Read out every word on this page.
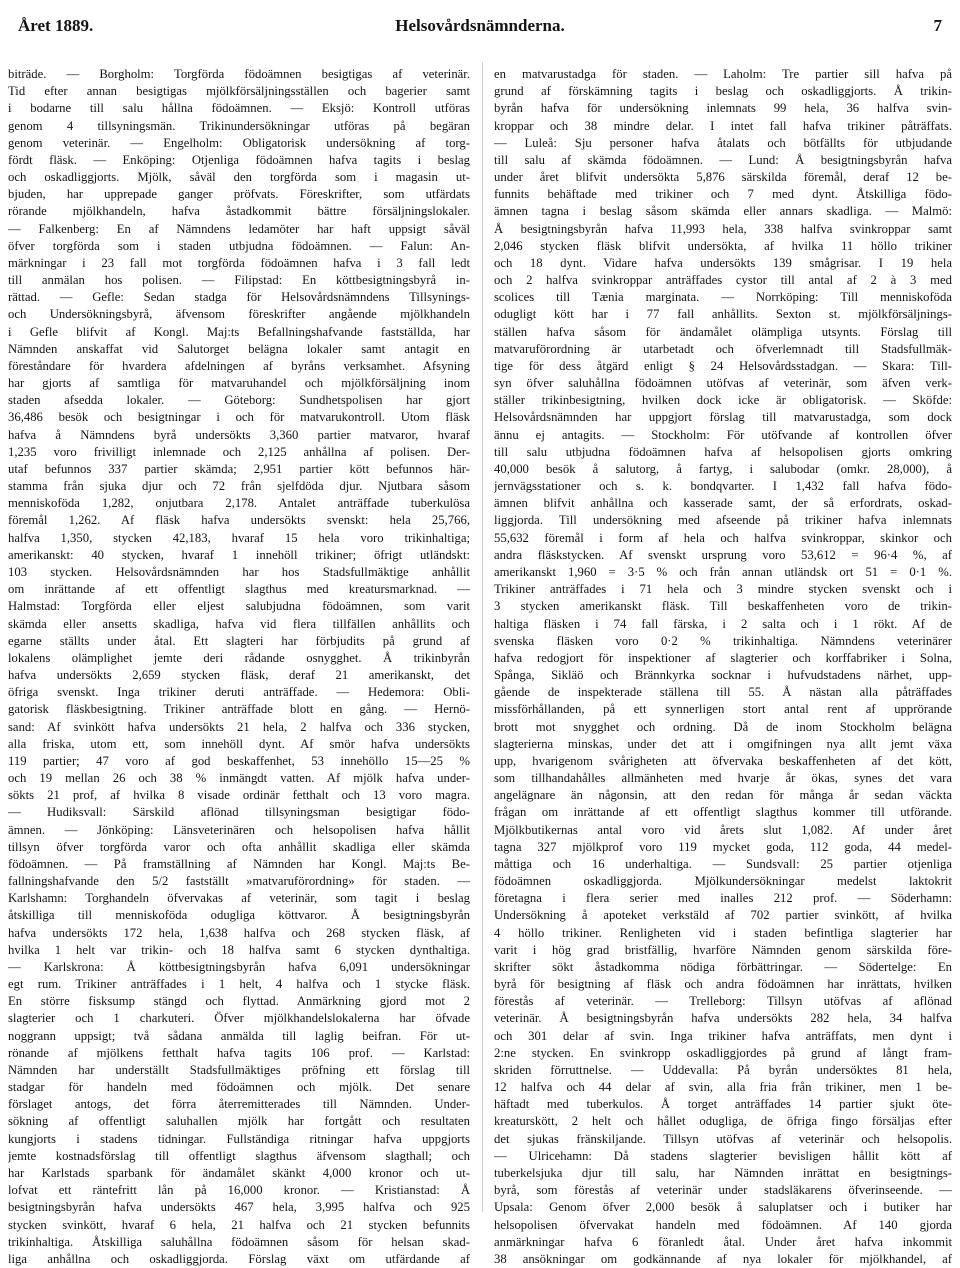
Året 1889.	Helsovårdsnämnderna.	7
biträde. — Borgholm: Torgförda födoämnen besigtigas af veterinär.
Tid efter annan besigtigas mjölkförsäljningsställen och bagerier samt
i bodarne till salu hållna födoämnen. — Eksjö: Kontroll utföras
genom 4 tillsyningsmän. Trikinundersökningar utföras på begäran
genom veterinär. — Engelholm: Obligatorisk undersökning af torg-
fördt fläsk. — Enköping: Otjenliga födoämnen hafva tagits i beslag
och oskadliggjorts. Mjölk, såväl den torgförda som i magasin ut-
bjuden, har upprepade ganger pröfvats. Föreskrifter, som utfärdats
rörande mjölkhandeln, hafva åstadkommit bättre försäljningslokaler.
— Falkenberg: En af Nämndens ledamöter har haft uppsigt såväl
öfver torgförda som i staden utbjudna födoämnen. — Falun: An-
märkningar i 23 fall mot torgförda födoämnen hafva i 3 fall ledt
till anmälan hos polisen. — Filipstad: En köttbesigtningsbyrå in-
rättad. — Gefle: Sedan stadga för Helsovårdsnämndens Tillsynings-
och Undersökningsbyrå, äfvensom föreskrifter angående mjölkhandeln
i Gefle blifvit af Kongl. Maj:ts Befallningshafvande fastställda, har
Nämnden anskaffat vid Salutorget belägna lokaler samt antagit en
föreståndare för hvardera afdelningen af byråns verksamhet. Afsyning
har gjorts af samtliga för matvaruhandel och mjölkförsäljning inom
staden afsedda lokaler. — Göteborg: Sundhetspolisen har gjort
36,486 besök och besigtningar i och för matvarukontroll. Utom fläsk
hafva å Nämndens byrå undersökts 3,360 partier matvaror, hvaraf
1,235 voro frivilligt inlemnade och 2,125 anhållna af polisen. Der-
utaf befunnos 337 partier skämda; 2,951 partier kött befunnos här-
stamma från sjuka djur och 72 från sjelfdöda djur. Njutbara såsom
menniskoföda 1,282, onjutbara 2,178. Antalet anträffade tuberkulösa
föremål 1,262. Af fläsk hafva undersökts svenskt: hela 25,766,
halfva 1,350, stycken 42,183, hvaraf 15 hela voro trikinhaltiga;
amerikanskt: 40 stycken, hvaraf 1 innehöll trikiner; öfrigt utländskt:
103 stycken. Helsovårdsnämnden har hos Stadsfullmäktige anhållit
om inrättande af ett offentligt slagthus med kreatursmarknad. —
Halmstad: Torgförda eller eljest salubjudna födoämnen, som varit
skämda eller ansetts skadliga, hafva vid flera tillfällen anhållits och
egarne ställts under åtal. Ett slagteri har förbjudits på grund af
lokalens olämplighet jemte deri rådande osnygghet. Å trikinbyrån
hafva undersökts 2,659 stycken fläsk, deraf 21 amerikanskt, det
öfriga svenskt. Inga trikiner deruti anträffade. — Hedemora: Obli-
gatorisk fläskbesigtning. Trikiner anträffade blott en gång. — Hernö-
sand: Af svinkött hafva undersökts 21 hela, 2 halfva och 336 stycken,
alla friska, utom ett, som innehöll dynt. Af smör hafva undersökts
119 partier; 47 voro af god beskaffenhet, 53 innehöllo 15—25 %
och 19 mellan 26 och 38 % inmängdt vatten. Af mjölk hafva under-
sökts 21 prof, af hvilka 8 visade ordinär fetthalt och 13 voro magra.
— Hudiksvall: Särskild aflönad tillsyningsman besigtigar födo-
ämnen. — Jönköping: Länsveterinären och helsopolisen hafva hållit
tillsyn öfver torgförda varor och ofta anhållit skadliga eller skämda
födoämnen. — På framställning af Nämnden har Kongl. Maj:ts Be-
fallningshafvande den 5/2 fastställt »matvaruförordning» för staden. —
Karlshamn: Torghandeln öfvervakas af veterinär, som tagit i beslag
åtskilliga till menniskoföda odugliga köttvaror. Å besigtningsbyrån
hafva undersökts 172 hela, 1,638 halfva och 268 stycken fläsk, af
hvilka 1 helt var trikin- och 18 halfva samt 6 stycken dynthaltiga.
— Karlskrona: Å köttbesigtningsbyrån hafva 6,091 undersökningar
egt rum. Trikiner anträffades i 1 helt, 4 halfva och 1 stycke fläsk.
En större fisksump stängd och flyttad. Anmärkning gjord mot 2
slagterier och 1 charkuteri. Öfver mjölkhandelslokalerna har öfvade
noggrann uppsigt; två sådana anmälda till laglig beifran. För ut-
rönande af mjölkens fetthalt hafva tagits 106 prof. — Karlstad:
Nämnden har underställt Stadsfullmäktiges pröfning ett förslag till
stadgar för handeln med födoämnen och mjölk. Det senare
förslaget antogs, det förra återremitterades till Nämnden. Under-
sökning af offentligt saluhallen mjölk har fortgått och resultaten
kungjorts i stadens tidningar. Fullständiga ritningar hafva uppgjorts
jemte kostnadsförslag till offentligt slagthus äfvensom slagthall; och
har Karlstads sparbank för ändamålet skänkt 4,000 kronor och ut-
lofvat ett räntefritt lån på 16,000 kronor. — Kristianstad: Å
besigtningsbyrån hafva undersökts 467 hela, 3,995 halfva och 925
stycken svinkött, hvaraf 6 hela, 21 halfva och 21 stycken befunnits
trikinhaltiga. Åtskilliga saluhållna födoämnen såsom för helsan skad-
liga anhållna och oskadliggjorda. Förslag växt om utfärdande af
en matvarustadga för staden. — Laholm: Tre partier sill hafva på
grund af förskämning tagits i beslag och oskadliggjorts. Å trikin-
byrån hafva för undersökning inlemnats 99 hela, 36 halfva svin-
kroppar och 38 mindre delar. I intet fall hafva trikiner påträffats.
— Luleå: Sju personer hafva åtalats och bötfällts för utbjudande
till salu af skämda födoämnen. — Lund: Å besigtningsbyrån hafva
under året blifvit undersökta 5,876 särskilda föremål, deraf 12 be-
funnits behäftade med trikiner och 7 med dynt. Åtskilliga födo-
ämnen tagna i beslag såsom skämda eller annars skadliga. — Malmö:
Å besigtningsbyrån hafva 11,993 hela, 338 halfva svinkroppar samt
2,046 stycken fläsk blifvit undersökta, af hvilka 11 höllo trikiner
och 18 dynt. Vidare hafva undersökts 139 smågrisar. I 19 hela
och 2 halfva svinkroppar anträffades cystor till antal af 2 à 3 med
scolices till Tænia marginata. — Norrköping: Till menniskoföda
odugligt kött har i 77 fall anhållits. Sexton st. mjölkförsäljnings-
ställen hafva såsom för ändamålet olämpliga utsynts. Förslag till
matvaruförordning är utarbetadt och öfverlemnadt till Stadsfullmäk-
tige för dess åtgärd enligt § 24 Helsovårdsstadgan. — Skara: Till-
syn öfver saluhållna födoämnen utöfvas af veterinär, som äfven verk-
ställer trikinbesigtning, hvilken dock icke är obligatorisk. — Sköfde:
Helsovårdsnämnden har uppgjort förslag till matvarustadga, som dock
ännu ej antagits. — Stockholm: För utöfvande af kontrollen öfver
till salu utbjudna födoämnen hafva af helsopolisen gjorts omkring
40,000 besök å salutorg, å fartyg, i salubodar (omkr. 28,000), å
jernvägsstationer och s. k. bondqvarter. I 1,432 fall hafva födo-
ämnen blifvit anhållna och kasserade samt, der så erfordrats, oskad-
liggjorda. Till undersökning med afseende på trikiner hafva inlemnats
55,632 föremål i form af hela och halfva svinkroppar, skinkor och
andra fläskstycken. Af svenskt ursprung voro 53,612 = 96·4 %, af
amerikanskt 1,960 = 3·5 % och från annan utländsk ort 51 = 0·1 %.
Trikiner anträffades i 71 hela och 3 mindre stycken svenskt och i
3 stycken amerikanskt fläsk. Till beskaffenheten voro de trikin-
haltiga fläsken i 74 fall färska, i 2 salta och i 1 rökt. Af de
svenska fläsken voro 0·2 % trikinhaltiga. Nämndens veterinärer
hafva redogjort för inspektioner af slagterier och korffabriker i Solna,
Spånga, Sikläö och Brännkyrka socknar i hufvudstadens närhet, upp-
gående de inspekterade ställena till 55. Å nästan alla påträffades
missförhållanden, på ett synnerligen stort antal rent af upprörande
brott mot snygghet och ordning. Då de inom Stockholm belägna
slagterierna minskas, under det att i omgifningen nya allt jemt växa
upp, hvarigenom svårigheten att öfvervaka beskaffenheten af det kött,
som tillhandahålles allmänheten med hvarje år ökas, synes det vara
angelägnare än någonsin, att den redan för många år sedan väckta
frågan om inrättande af ett offentligt slagthus kommer till utförande.
Mjölkbutikernas antal voro vid årets slut 1,082. Af under året
tagna 327 mjölkprof voro 119 mycket goda, 112 goda, 44 medel-
måttiga och 16 underhaltiga. — Sundsvall: 25 partier otjenliga
födoämnen oskadliggjorda. Mjölkundersökningar medelst laktokrit
företagna i flera serier med inalles 212 prof. — Söderhamn:
Undersökning å apoteket verkstäld af 702 partier svinkött, af hvilka
4 höllo trikiner. Renligheten vid i staden befintliga slagterier har
varit i hög grad bristfällig, hvarföre Nämnden genom särskilda före-
skrifter sökt åstadkomma nödiga förbättringar. — Södertelge: En
byrå för besigtning af fläsk och andra födoämnen har inrättats, hvilken
förestås af veterinär. — Trelleborg: Tillsyn utöfvas af aflönad
veterinär. Å besigtningsbyrån hafva undersökts 282 hela, 34 halfva
och 301 delar af svin. Inga trikiner hafva anträffats, men dynt i
2:ne stycken. En svinkropp oskadliggjordes på grund af långt fram-
skriden förruttnelse. — Uddevalla: På byrån undersöktes 81 hela,
12 halfva och 44 delar af svin, alla fria från trikiner, men 1 be-
häftadt med tuberkulos. Å torget anträffades 14 partier sjukt öte-
kreaturskött, 2 helt och hållet odugliga, de öfriga fingo försäljas efter
det sjukas fränskiljande. Tillsyn utöfvas af veterinär och helsopolis.
— Ulricehamn: Då stadens slagterier bevisligen hållit kött af
tuberkelsjuka djur till salu, har Nämnden inrättat en besigtnings-
byrå, som förestås af veterinär under stadsläkarens öfverinseende. —
Upsala: Genom öfver 2,000 besök å saluplatser och i butiker har
helsopolisen öfvervakat handeln med födoämnen. Af 140 gjorda
anmärkningar hafva 6 föranledt åtal. Under året hafva inkommit
38 ansökningar om godkännande af nya lokaler för mjölkhandel, af
